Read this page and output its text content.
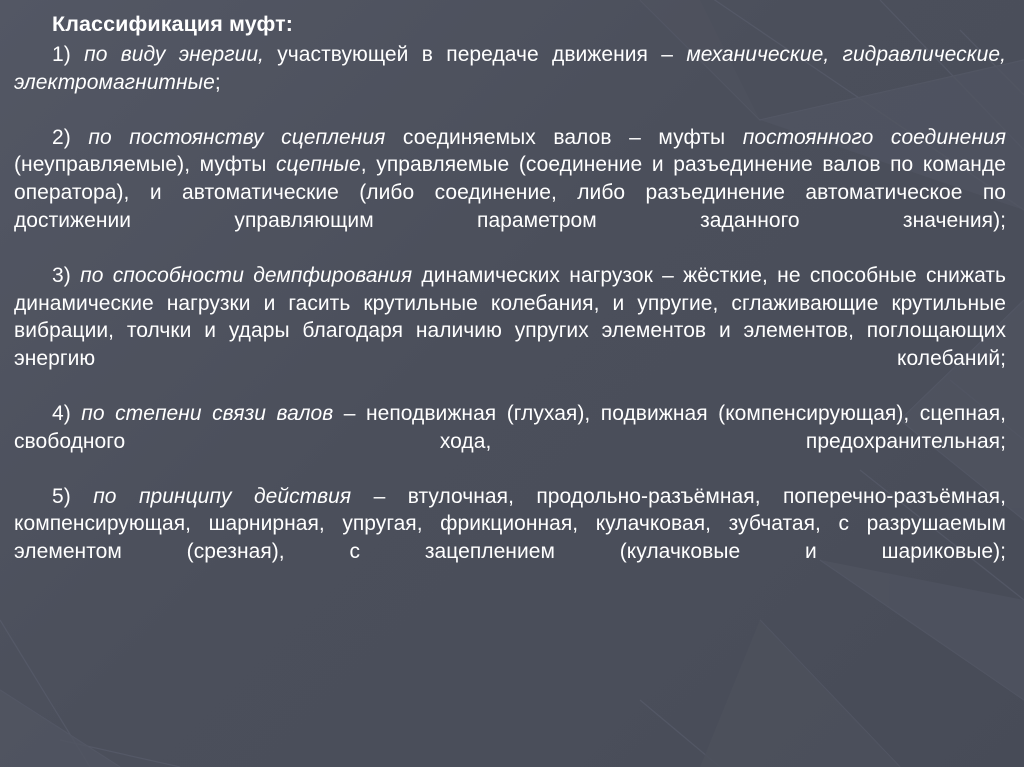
Классификация муфт:

1) по виду энергии, участвующей в передаче движения – механические, гидравлические, электромагнитные;

2) по постоянству сцепления соединяемых валов – муфты постоянного соединения (неуправляемые), муфты сцепные, управляемые (соединение и разъединение валов по команде оператора), и автоматические (либо соединение, либо разъединение автоматическое по достижении управляющим параметром заданного значения);

3) по способности демпфирования динамических нагрузок – жёсткие, не способные снижать динамические нагрузки и гасить крутильные колебания, и упругие, сглаживающие крутильные вибрации, толчки и удары благодаря наличию упругих элементов и элементов, поглощающих энергию колебаний;

4) по степени связи валов – неподвижная (глухая), подвижная (компенсирующая), сцепная, свободного хода, предохранительная;

5) по принципу действия – втулочная, продольно-разъёмная, поперечно-разъёмная, компенсирующая, шарнирная, упругая, фрикционная, кулачковая, зубчатая, с разрушаемым элементом (срезная), с зацеплением (кулачковые и шариковые);
